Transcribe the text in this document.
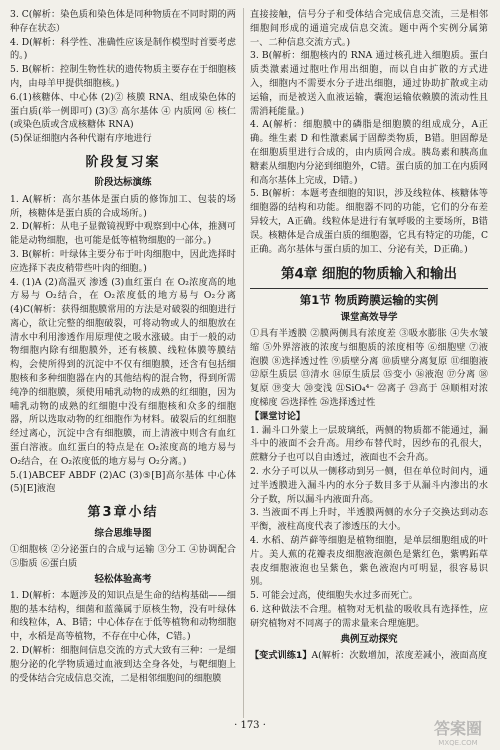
3. C(解析：染色质和染色体是同种物质在不同时期的两种存在状态）

4. D(解析：科学性、准确性应该是制作模型时首要考虑的。)

5. B(解析：控制生物性状的遗传物质主要存在于细胞核内，由母羊甲提供细胞核。)

6.(1)核糖体、中心体 (2)② 核膜 RNA、组成染色体的蛋白质(举一例即可) (3)③ 高尔基体 ④ 内质网 ⑥ 核仁(或染色质或含成核糖体 RNA)

(5)保证细胞内各种代谢有序地进行

阶段复习案
阶段达标演练

1. A(解析：高尔基体是蛋白质的修饰加工、包装的场所，核糖体是蛋白质的合成场所。)

2. D(解析：从电子显微镜视野中观察到中心体，推测可能是动物细胞，也可能是低等植物细胞的一部分。)

3. B(解析：叶绿体主要分布于叶肉细胞中，因此选择时应选择下表皮稍带些叶肉的细胞。)

4. (1)A (2)高温灭 渗透 (3)血红蛋白 在 O₂浓度高的地方易与 O₂结合，在 O₂浓度低的地方易与 O₂分离 (4)C(解析：获得细胞膜常用的方法是对破裂的细胞进行离心，欲让完整的细胞破裂，可将动物或人的细胞放在清水中利用渗透作用原理使之吸水涨破。由于一般的动物细胞内除有细胞膜外，还有核膜、线粒体膜等膜结构，会使所得到的沉淀中不仅有细胞膜，还含有包括细胞核和多种细胞器在内的其他结构的混合物，得到所需纯净的细胞膜，须使用哺乳动物的成熟的红细胞，因为哺乳动物的成熟的红细胞中没有细胞核和众多的细胞器，所以选取动物的红细胞作为材料。破裂后的红细胞经过离心，沉淀中含有细胞膜，而上清液中则含有血红蛋白溶液。血红蛋白的特点是在 O₂浓度高的地方易与 O₂结合，在 O₂浓度低的地方易与 O₂分离。)

5.(1)ABCEF ABDF (2)AC (3)⑤[B]高尔基体 中心体 (5)[E]液泡

第3章小结
综合思维导图

①细胞核 ②分泌蛋白的合成与运输 ③分工 ④协调配合 ⑤脂质 ⑥蛋白质

轻松体验高考

1. D(解析：本题涉及的知识点是生命的结构基础——细胞的基本结构，细菌和蓝藻属于原核生物，没有叶绿体和线粒体，A、B错；中心体存在于低等植物和动物细胞中，水稻是高等植物，不存在中心体，C错。)

2. D(解析：细胞间信息交流的方式大致有三种：一是细胞分泌的化学物质通过血液到达全身各处，与靶细胞上的受体结合完成信息交流，二是相邻细胞间的细胞膜

直接接触，信号分子和受体结合完成信息交流，三是相邻细胞间形成的通道完成信息交流。题中两个实例分属第一、二种信息交流方式。)

3. B(解析：细胞核内的 RNA 通过核孔进入细胞质。蛋白质类激素通过胞吐作用出细胞，而以自由扩散的方式进入，细胞内不需要水分子进出细胞，通过协助扩散或主动运输，而是被送入血液运输，囊泡运输依赖膜的流动性且需消耗能量。)

4. A(解析：细胞膜中的磷脂是细胞膜的组成成分，A正确。维生素 D 和性激素属于固醇类物质，B错。胆固醇是在细胞质里进行合成的，由内质网合成。胰岛素和胰高血糖素从细胞内分泌到细胞外，C错。蛋白质的加工在内质网和高尔基体上完成，D错。)

5. B(解析：本题考查细胞的知识，涉及线粒体、核糖体等细胞器的结构和功能。细胞器不同的功能，它们的分布差异较大，A正确。线粒体是进行有氧呼吸的主要场所，B错误。核糖体是合成蛋白质的细胞器，它具有特定的功能，C正确。高尔基体与蛋白质的加工、分泌有关，D正确。)

第4章 细胞的物质输入和输出
第1节 物质跨膜运输的实例
课堂高效导学

①具有半透膜 ②膜两侧具有浓度差 ③吸水膨胀 ④失水皱缩 ⑤外界溶液的浓度与细胞质的浓度相等 ⑥细胞壁 ⑦液泡膜 ⑧选择透过性 ⑨质壁分离 ⑩质壁分离复原 ⑪细胞液 ⑫原生质层 ⑬清水 ⑭原生质层 ⑮变小 ⑯液泡 ⑰分离 ⑱复原 ⑲变大 ⑳变浅 ㉑SiO₄⁴⁻ ㉒离子 ㉓高于 ㉔顺相对浓度梯度 ㉕选择性 ㉖选择透过性

【课堂讨论】

1. 漏斗口外蒙上一层玻璃纸，两侧的物质都不能通过，漏斗中的液面不会升高。用纱布替代时，因纱布的孔很大，蔗糖分子也可以自由透过，液面也不会升高。

2. 水分子可以从一侧移动到另一侧，但在单位时间内，通过半透膜进入漏斗内的水分子数目多于从漏斗内渗出的水分子数，所以漏斗内液面升高。

3. 当液面不再上升时，半透膜两侧的水分子交换达到动态平衡，液柱高度代表了渗透压的大小。

4. 水稻、葫芦藓等细胞是植物细胞，是单层细胞组成的叶片。美人蕉的花瓣表皮细胞液泡颜色是紫红色，紫鸭跖草表皮细胞液泡也呈紫色，紫色液泡内可明显，很容易识别。

5. 可能会过高，使细胞失水过多而死亡。

6. 这种做法不合理。植物对无机盐的吸收具有选择性，应研究植物对不同离子的需求量来合理施肥。

典例互动探究

【变式训练1】A(解析：次数增加，浓度差减小，液面高度

· 173 ·	答案圈
MXQE.COM
